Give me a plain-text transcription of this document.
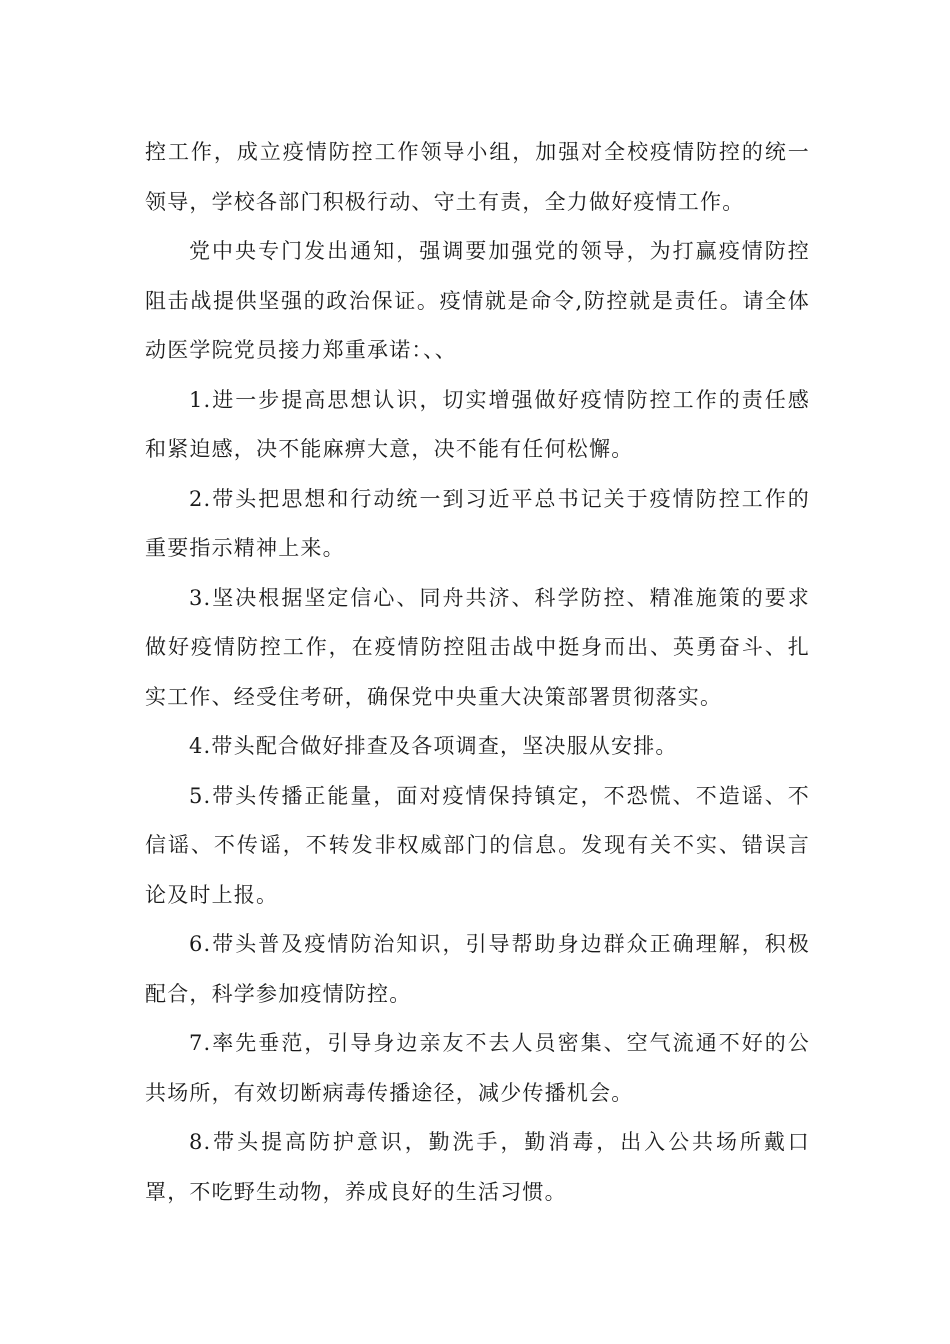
控工作，成立疫情防控工作领导小组，加强对全校疫情防控的统一领导，学校各部门积极行动、守土有责，全力做好疫情工作。

党中央专门发出通知，强调要加强党的领导，为打赢疫情防控阻击战提供坚强的政治保证。疫情就是命令,防控就是责任。请全体动医学院党员接力郑重承诺：、、

1.进一步提高思想认识，切实增强做好疫情防控工作的责任感和紧迫感，决不能麻痹大意，决不能有任何松懈。

2.带头把思想和行动统一到习近平总书记关于疫情防控工作的重要指示精神上来。

3.坚决根据坚定信心、同舟共济、科学防控、精准施策的要求做好疫情防控工作，在疫情防控阻击战中挺身而出、英勇奋斗、扎实工作、经受住考研，确保党中央重大决策部署贯彻落实。

4.带头配合做好排查及各项调查，坚决服从安排。

5.带头传播正能量，面对疫情保持镇定，不恐慌、不造谣、不信谣、不传谣，不转发非权威部门的信息。发现有关不实、错误言论及时上报。

6.带头普及疫情防治知识，引导帮助身边群众正确理解，积极配合，科学参加疫情防控。

7.率先垂范，引导身边亲友不去人员密集、空气流通不好的公共场所，有效切断病毒传播途径，减少传播机会。

8.带头提高防护意识，勤洗手，勤消毒，出入公共场所戴口罩，不吃野生动物，养成良好的生活习惯。
